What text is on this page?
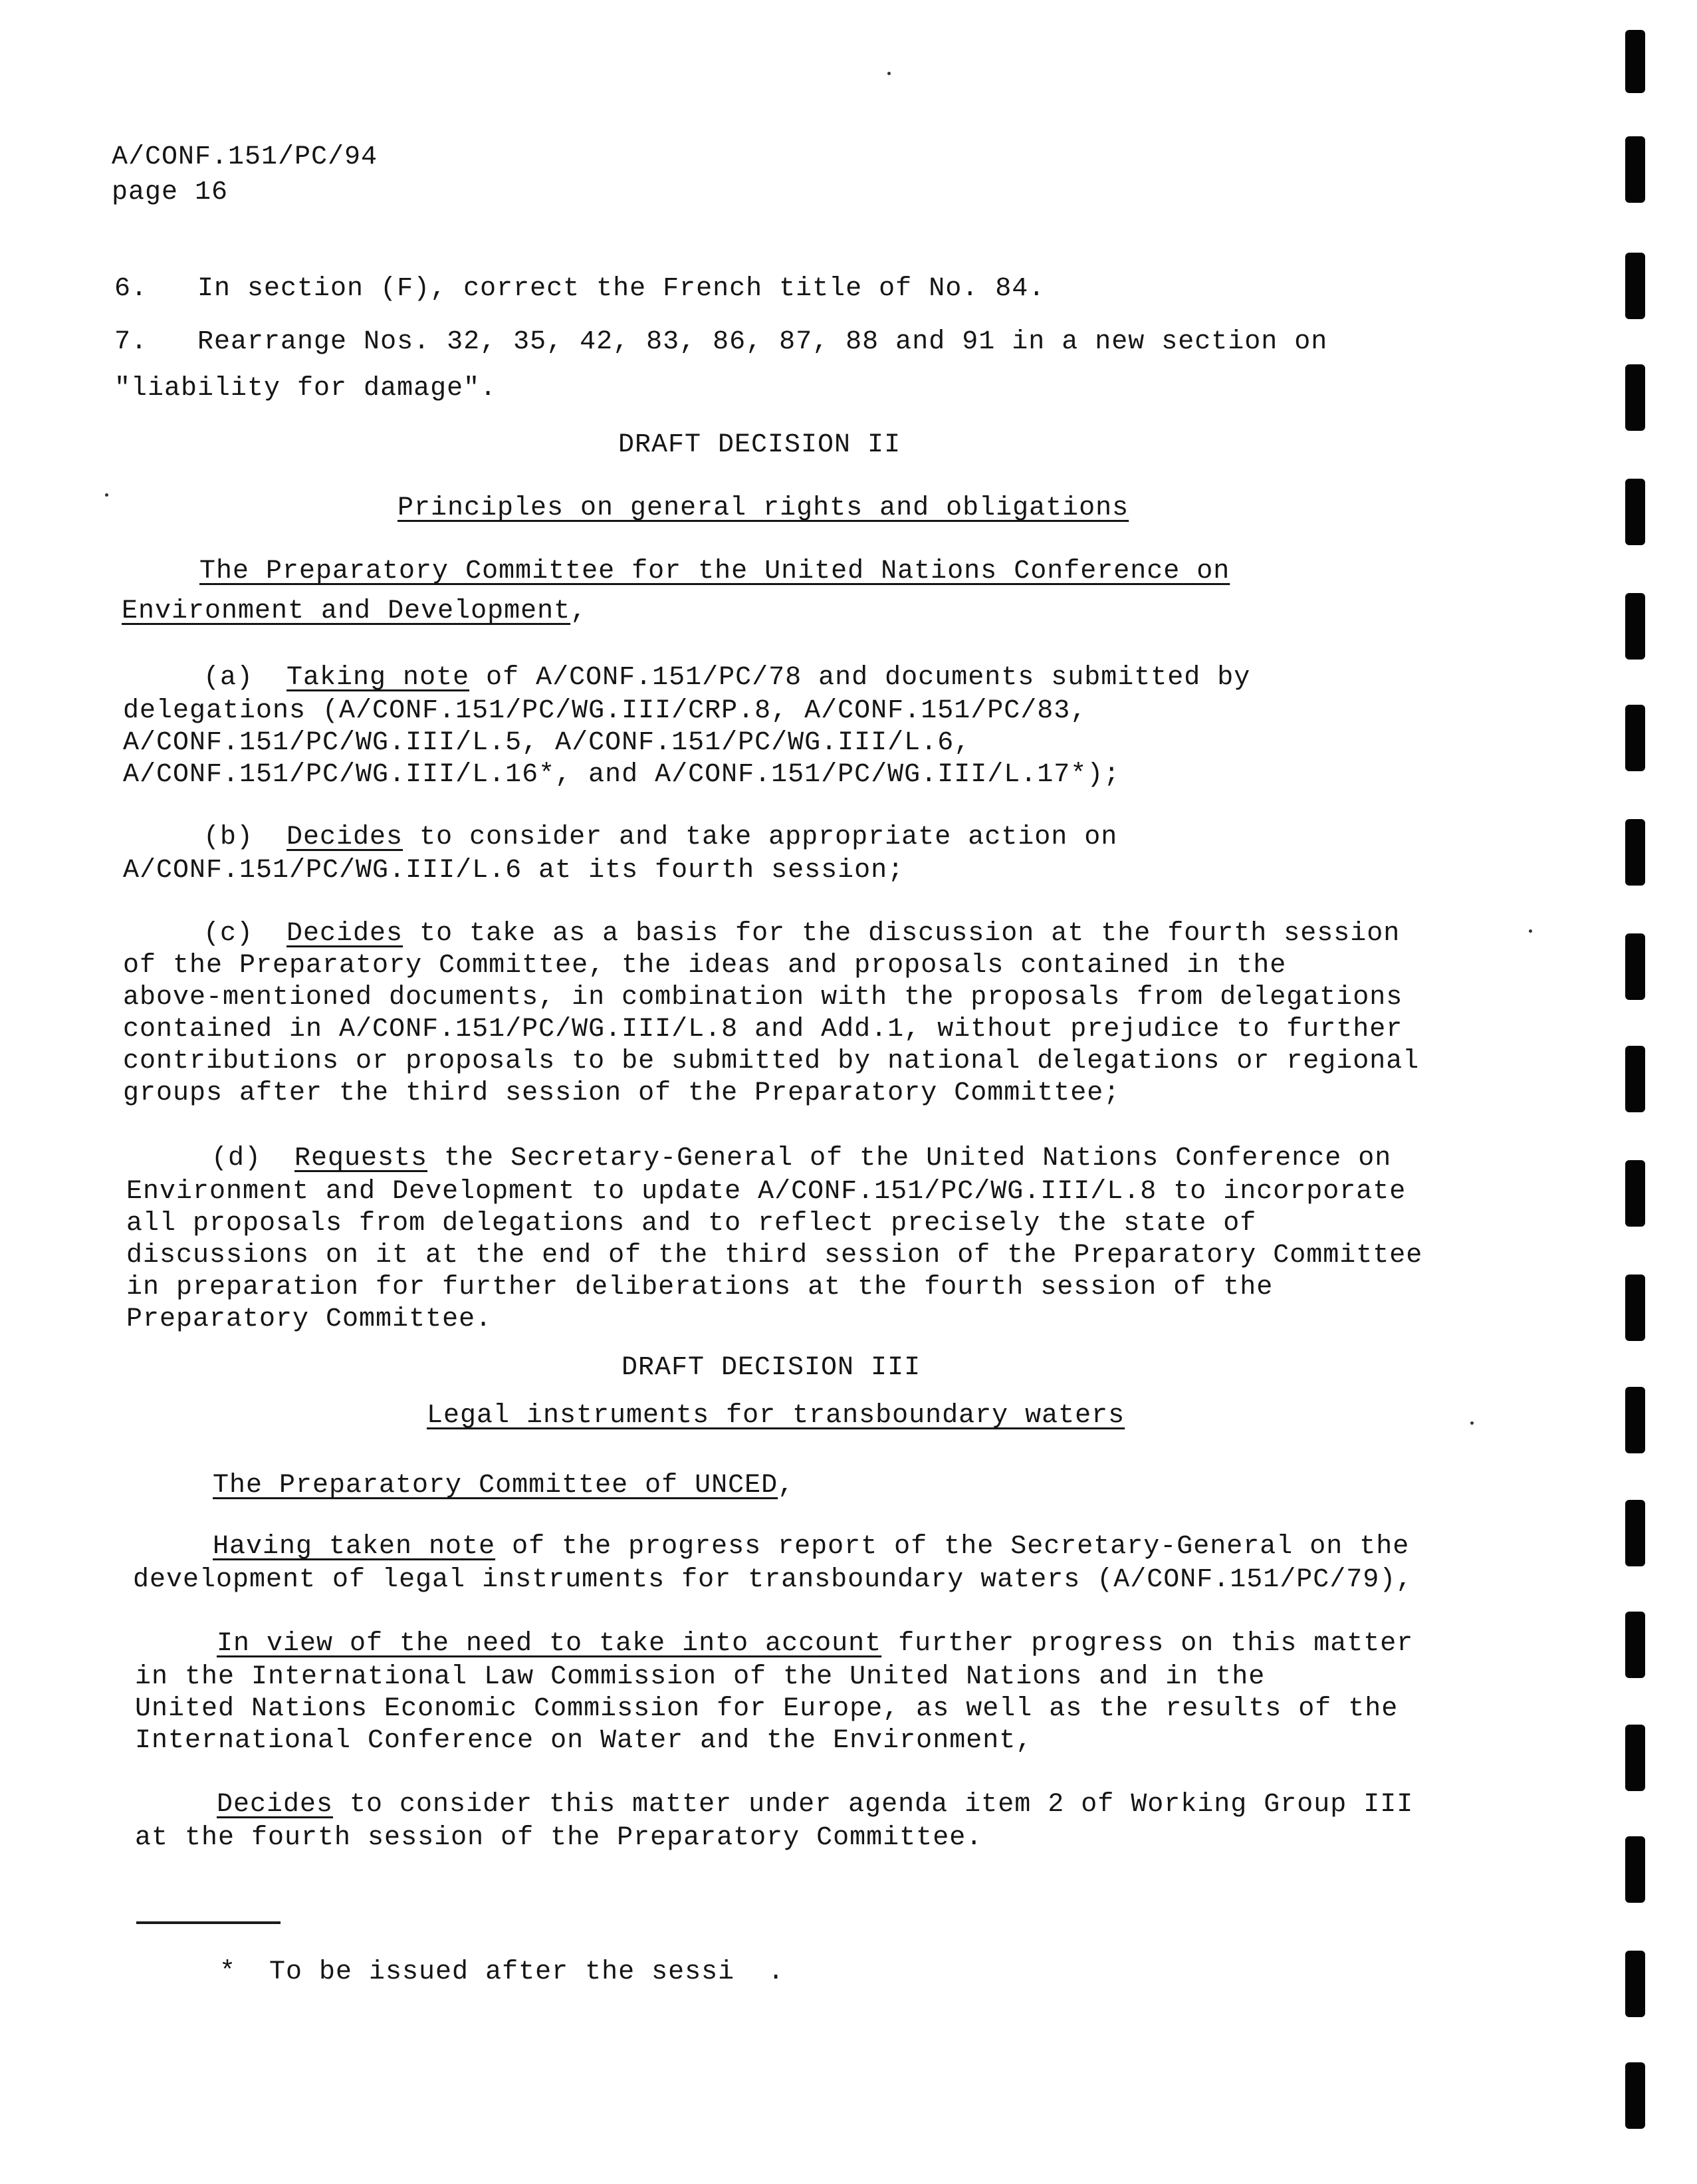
A/CONF.151/PC/94
page 16
6.   In section (F), correct the French title of No. 84.
7.   Rearrange Nos. 32, 35, 42, 83, 86, 87, 88 and 91 in a new section on
"liability for damage".
DRAFT DECISION II
Principles on general rights and obligations
The Preparatory Committee for the United Nations Conference on
Environment and Development,
(a)  Taking note of A/CONF.151/PC/78 and documents submitted by
delegations (A/CONF.151/PC/WG.III/CRP.8, A/CONF.151/PC/83,
A/CONF.151/PC/WG.III/L.5, A/CONF.151/PC/WG.III/L.6,
A/CONF.151/PC/WG.III/L.16*, and A/CONF.151/PC/WG.III/L.17*);
(b)  Decides to consider and take appropriate action on
A/CONF.151/PC/WG.III/L.6 at its fourth session;
(c)  Decides to take as a basis for the discussion at the fourth session
of the Preparatory Committee, the ideas and proposals contained in the
above-mentioned documents, in combination with the proposals from delegations
contained in A/CONF.151/PC/WG.III/L.8 and Add.1, without prejudice to further
contributions or proposals to be submitted by national delegations or regional
groups after the third session of the Preparatory Committee;
(d)  Requests the Secretary-General of the United Nations Conference on
Environment and Development to update A/CONF.151/PC/WG.III/L.8 to incorporate
all proposals from delegations and to reflect precisely the state of
discussions on it at the end of the third session of the Preparatory Committee
in preparation for further deliberations at the fourth session of the
Preparatory Committee.
DRAFT DECISION III
Legal instruments for transboundary waters
The Preparatory Committee of UNCED,
Having taken note of the progress report of the Secretary-General on the
development of legal instruments for transboundary waters (A/CONF.151/PC/79),
In view of the need to take into account further progress on this matter
in the International Law Commission of the United Nations and in the
United Nations Economic Commission for Europe, as well as the results of the
International Conference on Water and the Environment,
Decides to consider this matter under agenda item 2 of Working Group III
at the fourth session of the Preparatory Committee.
*  To be issued after the sessi  .
